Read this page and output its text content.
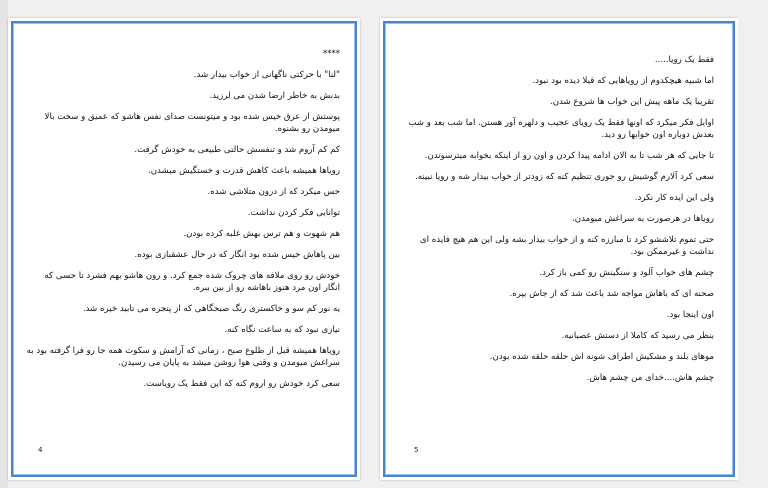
****

"لنا" با حرکتی ناگهانی از خواب بیدار شد.

بدنش به خاطر ارضا شدن می لرزید.

پوستش از عرق خیس شده بود و میتونست صدای نفس هاشو که عمیق و سخت بالا میومدن رو بشنوه.

کم کم آروم شد و تنفسش حالتی طبیعی به خودش گرفت.

رویاها همیشه باعث کاهش قدرت و خستگیش میشدن.

حس میکرد که از درون متلاشی شده.

توانایی فکر کردن نداشت.

هم شهوت و هم ترس بهش غلبه کرده بودن.

بین پاهاش خیس شده بود انگار که در حال عشقبازی بوده.

خودش رو روی ملافه های چروک شده جمع کرد. و رون هاشو بهم فشرد تا حسی که انگار اون مرد هنوز باهاشه رو از بین ببره.

یه نور کم سو و خاکستری رنگ صبحگاهی که از پنجره می تابید خیره شد.

نیازی نبود که به ساعت نگاه کنه.

رویاها همیشه قبل از طلوع صبح ، زمانی که آرامش و سکوت همه جا رو فرا گرفته بود به سراغش میومدن و وقتی هوا روشن میشد به پایان می رسیدن.

سعی کرد خودش رو اروم کنه که این فقط یک رویاست.

4

فقط یک رویا.....

اما شبیه هیچکدوم از رویاهایی که قبلا دیده بود نبود.

تقریبا یک ماهه پیش این خواب ها شروع شدن.

اوایل فکر میکرد که اونها فقط یک رویای عجیب و دلهره آور هستن. اما شب بعد و شب بعدش دوباره اون خوابها رو دید.

تا جایی که هر شب تا به الان ادامه پیدا کردن و اون رو از اینکه بخوابه میترسوندن.

سعی کرد آلارم گوشیش رو جوری تنظیم کنه که زودتر از خواب بیدار شه و رویا نبینه.

ولی این ایده کار نکرد.

رویاها در هرصورت به سراغش میومدن.

حتی تموم تلاششو کرد تا مبارزه کنه و از خواب بیدار بشه ولی این هم هیچ فایده ای نداشت و غیرممکن بود.

چشم های خواب آلود و سنگینش رو کمی باز کرد.

صحنه ای که باهاش مواجه شد باعث شد که از جاش بپره.

اون اینجا بود.

بنظر می رسید که کاملا از دستش عصبانیه.

موهای بلند و مشکیش اطراف شونه اش حلقه حلقه شده بودن.

چشم هاش....خدای من چشم هاش.

5
